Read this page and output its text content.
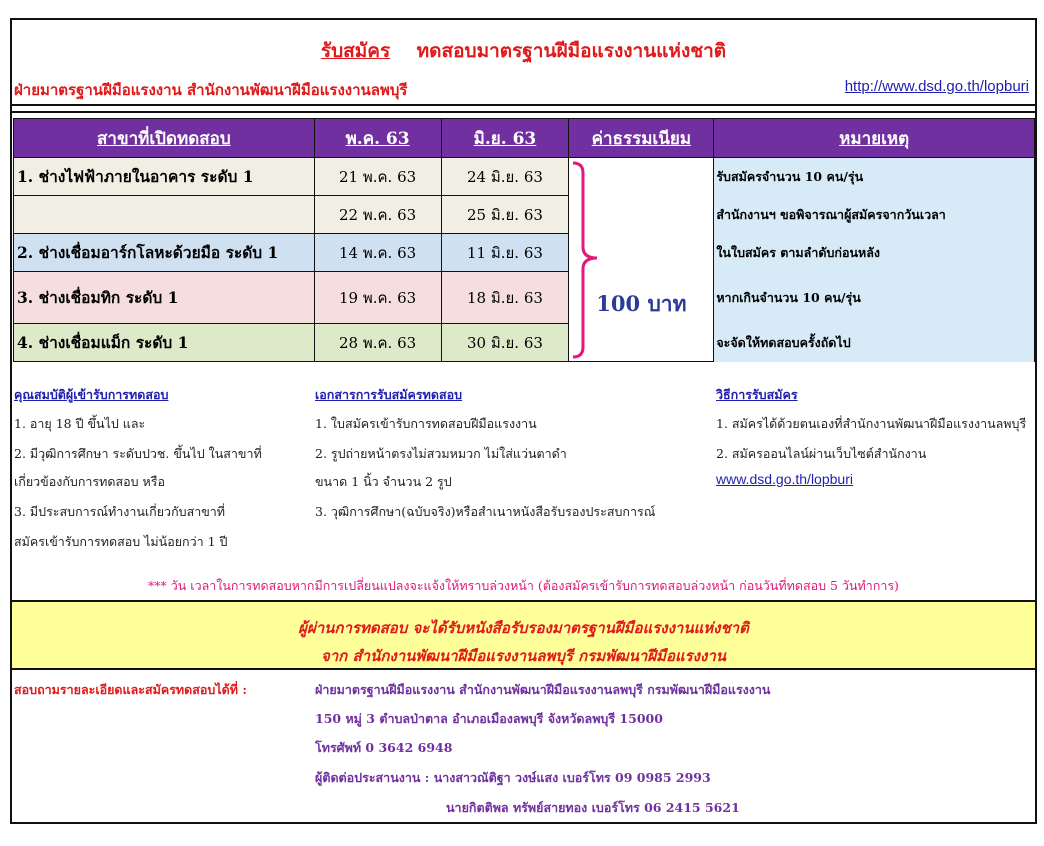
รับสมัคร ทดสอบมาตรฐานฝีมือแรงงานแห่งชาติ
ฝ่ายมาตรฐานฝีมือแรงงาน สำนักงานพัฒนาฝีมือแรงงานลพบุรี	http://www.dsd.go.th/lopburi
สาขาที่เปิดทดสอบ	พ.ค. 63	มิ.ย. 63	ค่าธรรมเนียม	หมายเหตุ
1. ช่างไฟฟ้าภายในอาคาร ระดับ 1	21 พ.ค. 63	24 มิ.ย. 63	100 บาท	รับสมัครจำนวน 10 คน/รุ่น
	22 พ.ค. 63	25 มิ.ย. 63		สำนักงานฯ ขอพิจารณาผู้สมัครจากวันเวลา
2. ช่างเชื่อมอาร์กโลหะด้วยมือ ระดับ 1	14 พ.ค. 63	11 มิ.ย. 63		ในใบสมัคร ตามลำดับก่อนหลัง
3. ช่างเชื่อมทิก ระดับ 1	19 พ.ค. 63	18 มิ.ย. 63		หากเกินจำนวน 10 คน/รุ่น
4. ช่างเชื่อมแม็ก ระดับ 1	28 พ.ค. 63	30 มิ.ย. 63		จะจัดให้ทดสอบครั้งถัดไป
คุณสมบัติผู้เข้ารับการทดสอบ
1. อายุ 18 ปี ขึ้นไป และ
2. มีวุฒิการศึกษา ระดับปวช. ขึ้นไป ในสาขาที่
เกี่ยวข้องกับการทดสอบ หรือ
3. มีประสบการณ์ทำงานเกี่ยวกับสาขาที่
สมัครเข้ารับการทดสอบ ไม่น้อยกว่า 1 ปี
เอกสารการรับสมัครทดสอบ
1. ใบสมัครเข้ารับการทดสอบฝีมือแรงงาน
2. รูปถ่ายหน้าตรงไม่สวมหมวก ไม่ใส่แว่นตาดำ
ขนาด 1 นิ้ว จำนวน 2 รูป
3. วุฒิการศึกษา(ฉบับจริง)หรือสำเนาหนังสือรับรองประสบการณ์
วิธีการรับสมัคร
1. สมัครได้ด้วยตนเองที่สำนักงานพัฒนาฝีมือแรงงานลพบุรี
2. สมัครออนไลน์ผ่านเว็บไซต์สำนักงาน
www.dsd.go.th/lopburi
*** วัน เวลาในการทดสอบหากมีการเปลี่ยนแปลงจะแจ้งให้ทราบล่วงหน้า (ต้องสมัครเข้ารับการทดสอบล่วงหน้า ก่อนวันที่ทดสอบ 5 วันทำการ)
ผู้ผ่านการทดสอบ จะได้รับหนังสือรับรองมาตรฐานฝีมือแรงงานแห่งชาติ
จาก สำนักงานพัฒนาฝีมือแรงงานลพบุรี กรมพัฒนาฝีมือแรงงาน
สอบถามรายละเอียดและสมัครทดสอบได้ที่ :	ฝ่ายมาตรฐานฝีมือแรงงาน สำนักงานพัฒนาฝีมือแรงงานลพบุรี กรมพัฒนาฝีมือแรงงาน
150 หมู่ 3 ตำบลป่าตาล อำเภอเมืองลพบุรี จังหวัดลพบุรี 15000
โทรศัพท์ 0 3642 6948
ผู้ติดต่อประสานงาน : นางสาวณัติฐา วงษ์แสง เบอร์โทร 09 0985 2993
นายกิตติพล ทรัพย์สายทอง เบอร์โทร 06 2415 5621
